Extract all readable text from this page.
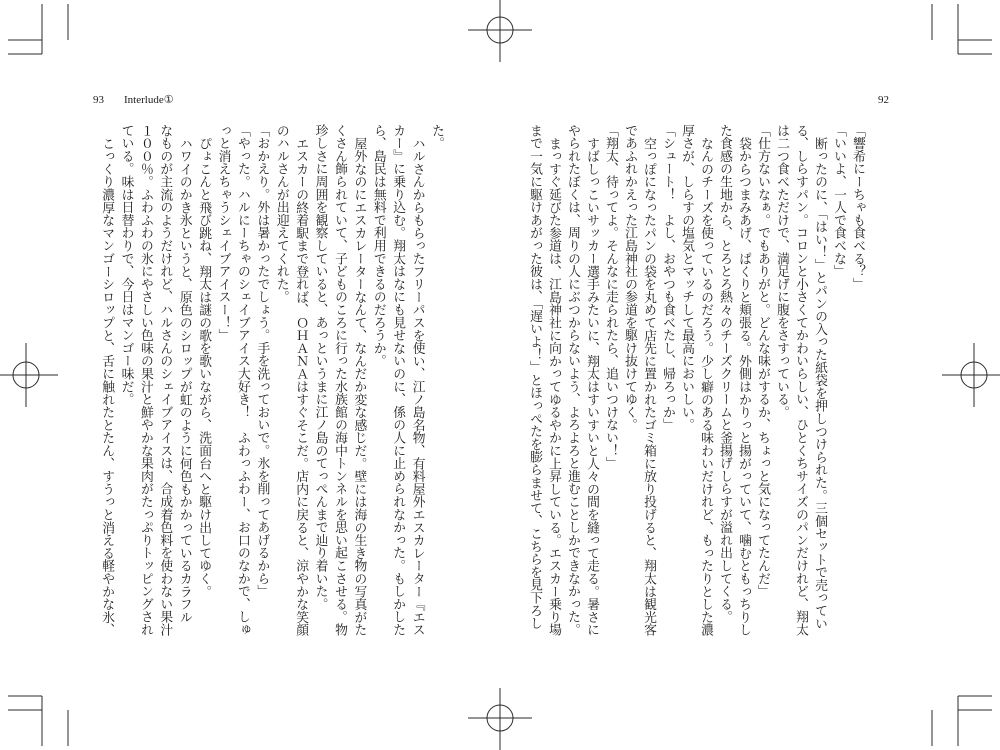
93 Interlude①	92
「響希にーちゃも食べる？」
「いいよ、一人で食べな」
断ったのに、「はい！」とパンの入った紙袋を押しつけられた。三個セットで売ってい
る、しらすパン。コロンと小さくてかわいらしい、ひとくちサイズのパンだけれど、翔太
は二つ食べただけで、満足げに腹をさすっている。
「仕方ないなぁ。でもありがと。どんな味がするか、ちょっと気になってたんだ」
袋からつまみあげ、ぱくりと頬張る。外側はかりっと揚がっていて、噛むともっちりし
た食感の生地から、とろとろ熱々のチーズクリームと釜揚げしらすが溢れ出してくる。
なんのチーズを使っているのだろう。少し癖のある味わいだけれど、もったりとした濃
厚さが、しらすの塩気とマッチして最高においしい。
「シュート！　よし、おやつも食べたし、帰ろっか」
空っぽになったパンの袋を丸めて店先に置かれたゴミ箱に放り投げると、翔太は観光客
であふれかえった江島神社の参道を駆け抜けてゆく。
「翔太、待ってよ。そんなに走られたら、追いつけない！」
すばしっこいサッカー選手みたいに、翔太はすいすいと人々の間を縫って走る。暑さに
やられたぼくは、周りの人にぶつからないよう、よろよろと進むことしかできなかった。
まっすぐ延びた参道は、江島神社に向かってゆるやかに上昇している。エスカー乗り場
まで一気に駆けあがった彼は、「遅いよ！」とほっぺたを膨らませて、こちらを見下ろし
た。
ハルさんからもらったフリーパスを使い、江ノ島名物、有料屋外エスカレーター『エス
カー』に乗り込む。翔太はなにも見せないのに、係の人に止められなかった。もしかした
ら、島民は無料で利用できるのだろうか。
屋外なのにエスカレーターなんて、なんだか変な感じだ。壁には海の生き物の写真がた
くさん飾られていて、子どものころに行った水族館の海中トンネルを思い起こさせる。物
珍しさに周囲を観察していると、あっというまに江ノ島のてっぺんまで辿り着いた。
エスカーの終着駅まで登れば、ＯＨＡＮＡはすぐそこだ。店内に戻ると、涼やかな笑顔
のハルさんが出迎えてくれた。
「おかえり。外は暑かったでしょう。手を洗っておいで。氷を削ってあげるから」
「やった。ハルにーちゃのシェイブアイス大好き！　ふわっふわー、お口のなかで、しゅ
っと消えちゃうシェイブアイスー！」
ぴょこんと飛び跳ね、翔太は謎の歌を歌いながら、洗面台へと駆け出してゆく。
ハワイのかき氷というと、原色のシロップが虹のように何色もかかっているカラフル
なものが主流のようだけれど、ハルさんのシェイブアイスは、合成着色料を使わない果汁
１００％。ふわふわの氷にやさしい色味の果汁と鮮やかな果肉がたっぷりトッピングされ
ている。味は日替わりで、今日はマンゴー味だ。
こっくり濃厚なマンゴーシロップと、舌に触れたとたん、すうっと消える軽やかな氷、
